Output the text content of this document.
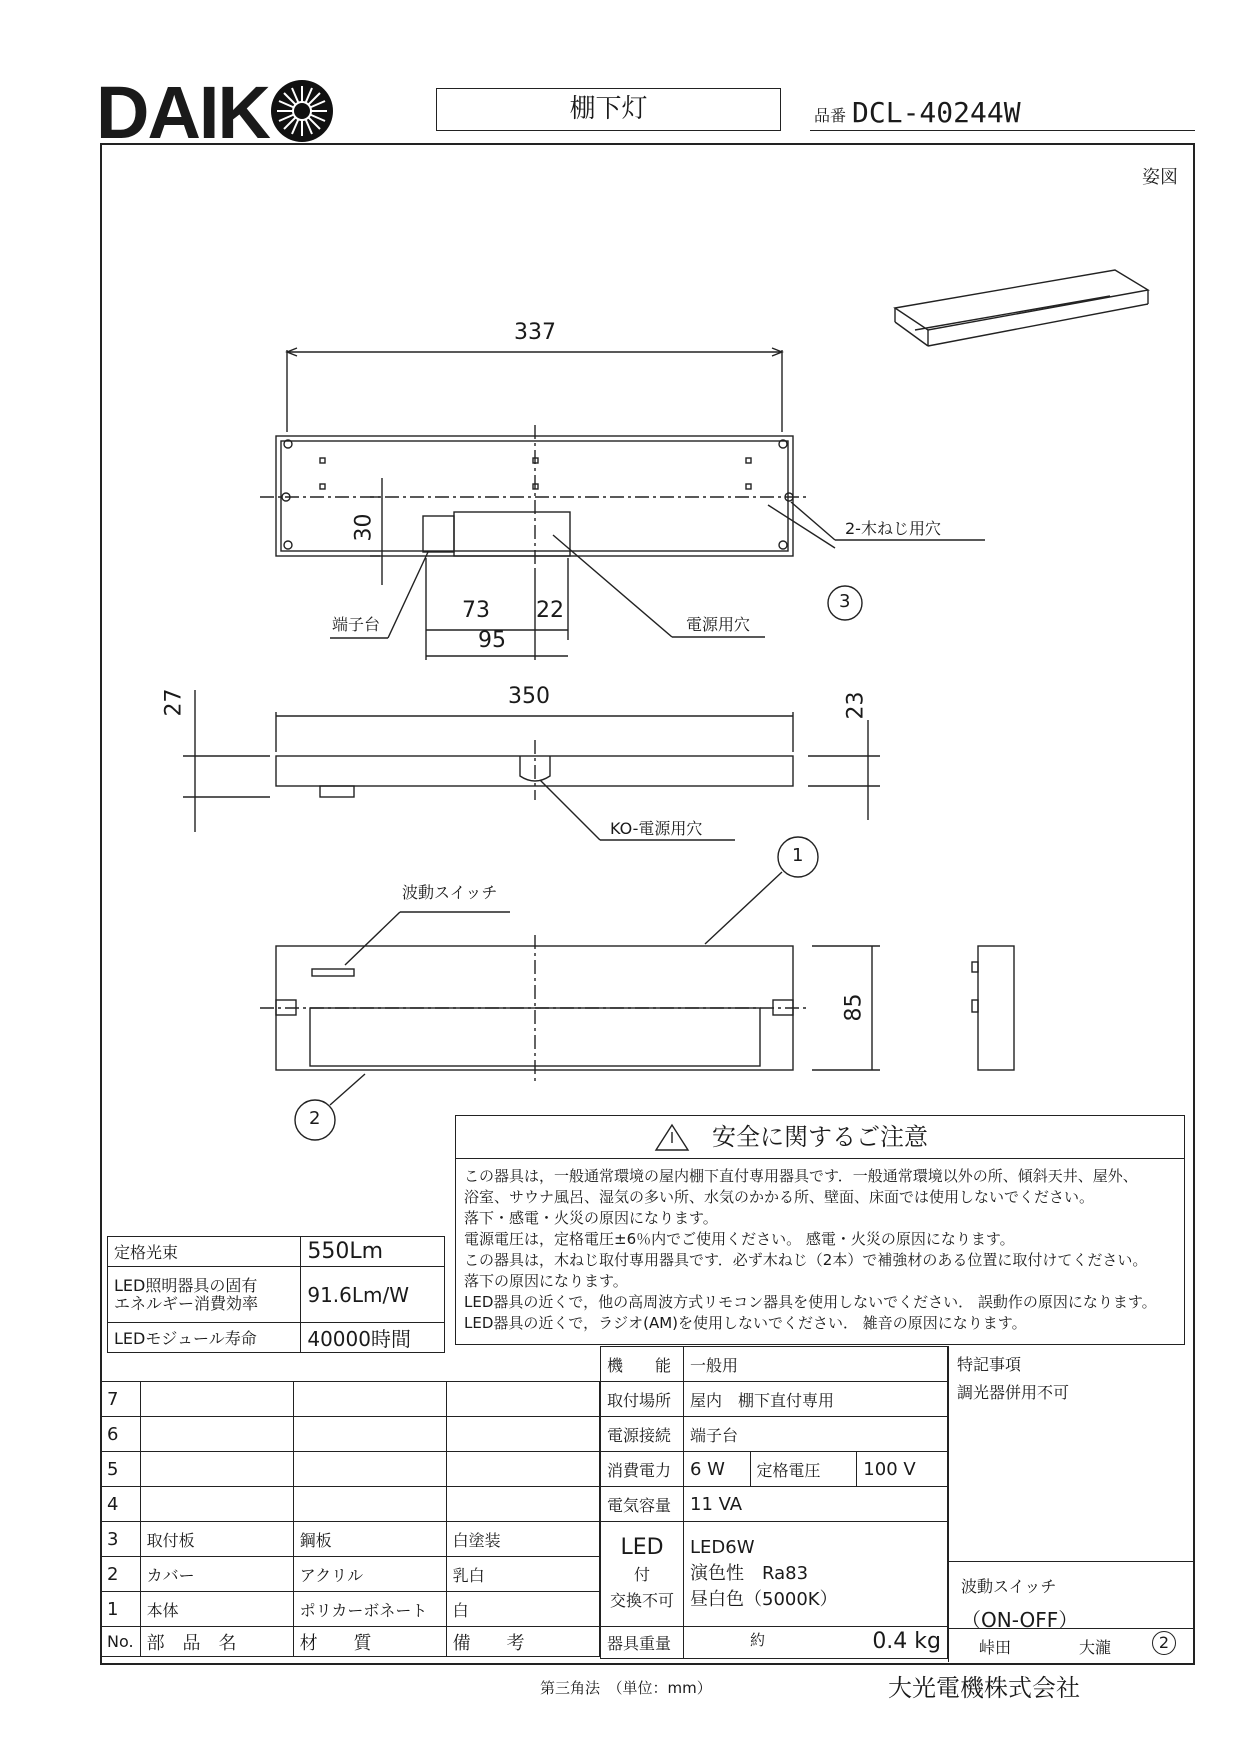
DAIK	棚下灯	品番 DCL-40244W
姿図
337
30
73 22
95
350
27	23
85
2-木ねじ用穴
端子台	電源用穴
KO-電源用穴
波動スイッチ
1
2
3
安全に関するご注意

この器具は，一般通常環境の屋内棚下直付専用器具です．一般通常環境以外の所、傾斜天井、屋外、

浴室、サウナ風呂、湿気の多い所、水気のかかる所、壁面、床面では使用しないでください。

落下・感電・火災の原因になります。

電源電圧は，定格電圧±6％内でご使用ください。 感電・火災の原因になります。

この器具は，木ねじ取付専用器具です．必ず木ねじ（2本）で補強材のある位置に取付けてください。

落下の原因になります。

LED器具の近くで，他の高周波方式リモコン器具を使用しないでください． 誤動作の原因になります。

LED器具の近くで，ラジオ(AM)を使用しないでください． 雑音の原因になります。

定格光束	550Lm
LED照明器具の固有
エネルギー消費効率	91.6Lm/W
LEDモジュール寿命	40000時間
7			
6			
5			
4			
3	取付板	鋼板	白塗装
2	カバー	アクリル	乳白
1	本体	ポリカーボネート	白
No.	部　品　名	材　　質	備　　考
機　　能	一般用		
取付場所	屋内　棚下直付専用		
電源接続	端子台		
消費電力	6 W	定格電圧	100 V
電気容量	11 VA		
LED
付
交換不可	LED6W
演色性　Ra83
昼白色（5000K）		
器具重量	$^約$ 0.4 kg		
特記事項
調光器併用不可
波動スイッチ
（ON-OFF）
峠田	大瀧	2
第三角法　（単位：mm）	大光電機株式会社
